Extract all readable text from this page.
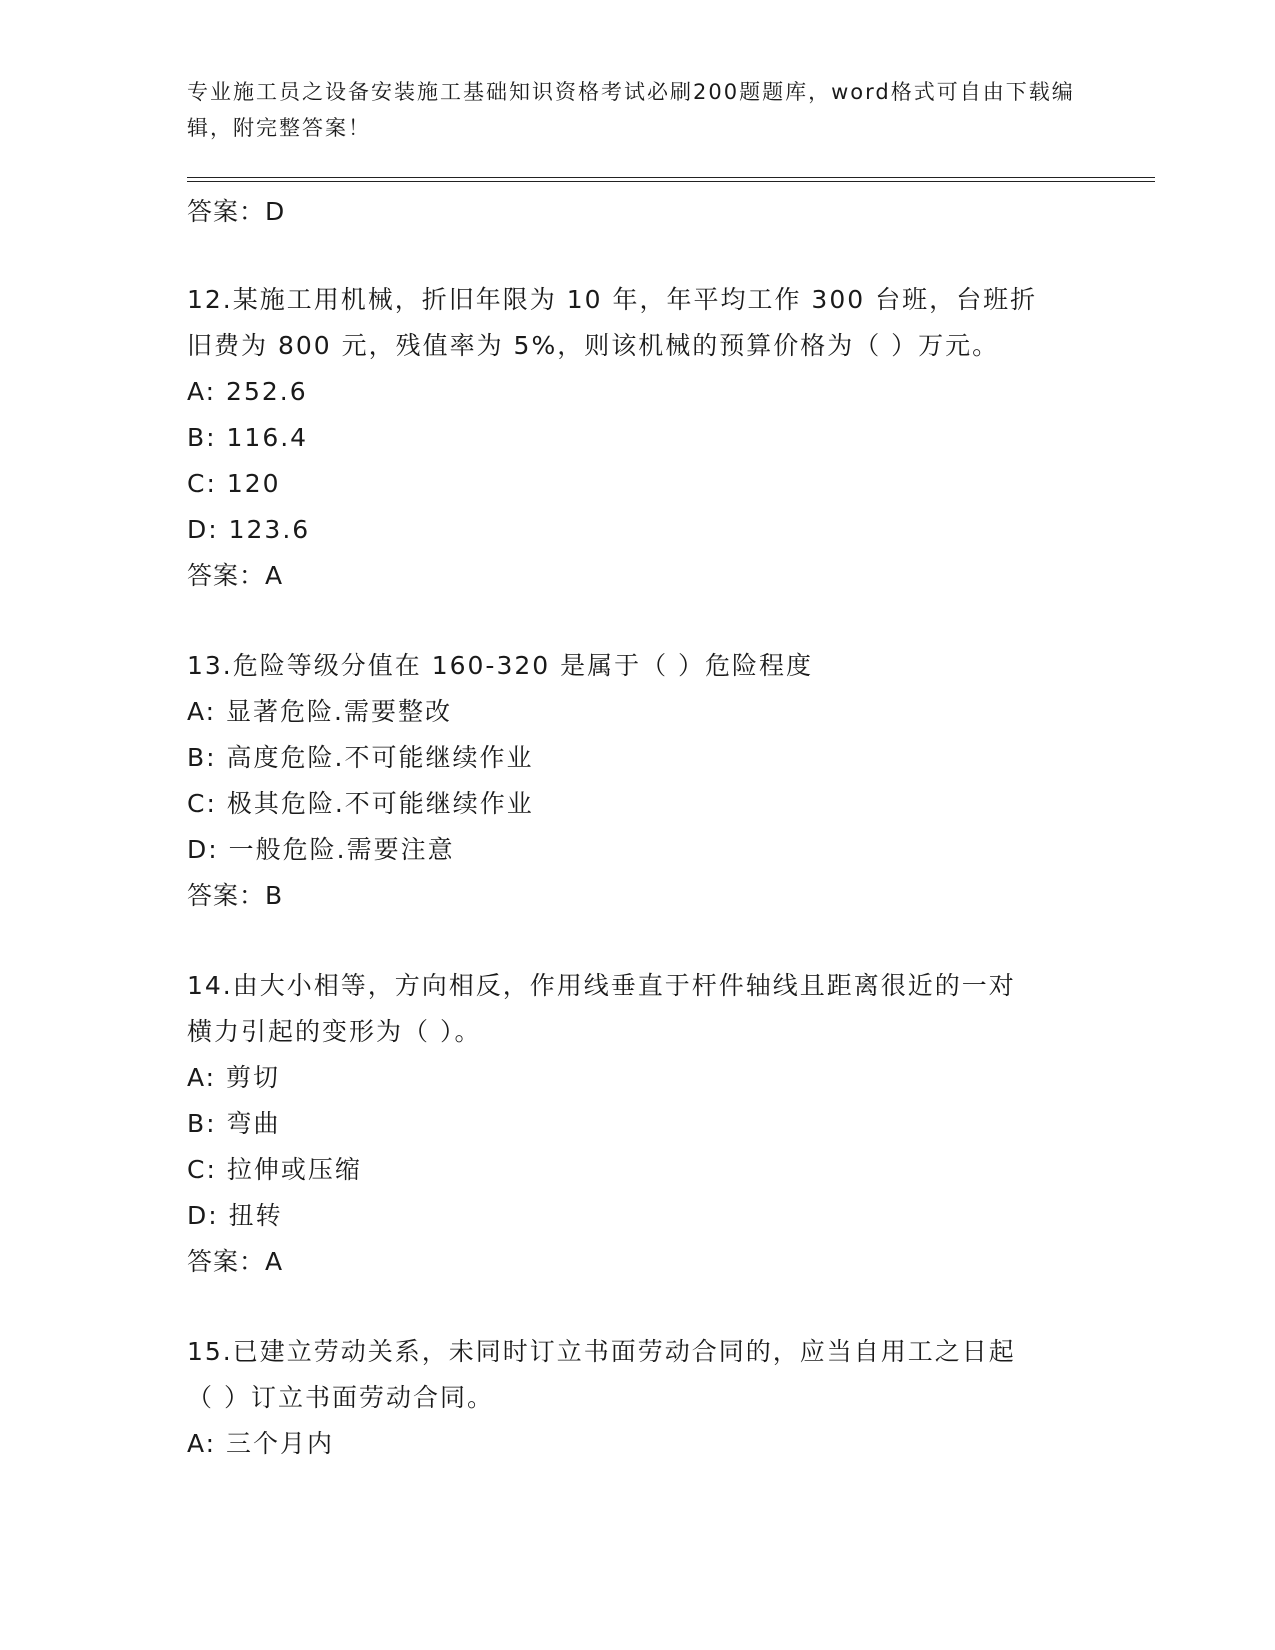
专业施工员之设备安装施工基础知识资格考试必刷200题题库，word格式可自由下载编辑，附完整答案！
答案：D
12.某施工用机械，折旧年限为 10 年，年平均工作 300 台班，台班折
旧费为 800 元，残值率为 5%，则该机械的预算价格为（ ）万元。
A: 252.6
B: 116.4
C: 120
D: 123.6
答案：A
13.危险等级分值在 160-320 是属于（ ）危险程度
A: 显著危险.需要整改
B: 高度危险.不可能继续作业
C: 极其危险.不可能继续作业
D: 一般危险.需要注意
答案：B
14.由大小相等，方向相反，作用线垂直于杆件轴线且距离很近的一对
横力引起的变形为（ ）。
A: 剪切
B: 弯曲
C: 拉伸或压缩
D: 扭转
答案：A
15.已建立劳动关系，未同时订立书面劳动合同的，应当自用工之日起
（ ）订立书面劳动合同。
A: 三个月内
